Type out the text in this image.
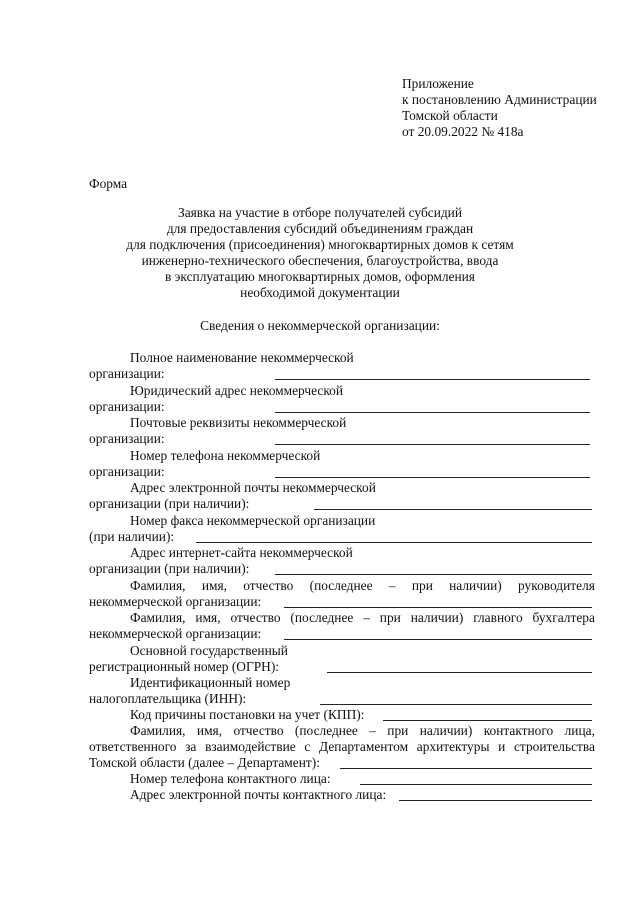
Приложение
к постановлению Администрации
Томской области
от 20.09.2022 № 418а
Форма
Заявка на участие в отборе получателей субсидий
для предоставления субсидий объединениям граждан
для подключения (присоединения) многоквартирных домов к сетям
инженерно-технического обеспечения, благоустройства, ввода
в эксплуатацию многоквартирных домов, оформления
необходимой документации
Сведения о некоммерческой организации:
Полное наименование некоммерческой
организации:
Юридический адрес некоммерческой
организации:
Почтовые реквизиты некоммерческой
организации:
Номер телефона некоммерческой
организации:
Адрес электронной почты некоммерческой
организации (при наличии):
Номер факса некоммерческой организации
(при наличии):
Адрес интернет-сайта некоммерческой
организации (при наличии):
Фамилия, имя, отчество (последнее – при наличии) руководителя
некоммерческой организации:
Фамилия, имя, отчество (последнее – при наличии) главного бухгалтера
некоммерческой организации:
Основной государственный
регистрационный номер (ОГРН):
Идентификационный номер
налогоплательщика (ИНН):
Код причины постановки на учет (КПП):
Фамилия, имя, отчество (последнее – при наличии) контактного лица,
ответственного за взаимодействие с Департаментом архитектуры и строительства
Томской области (далее – Департамент):
Номер телефона контактного лица:
Адрес электронной почты контактного лица:
